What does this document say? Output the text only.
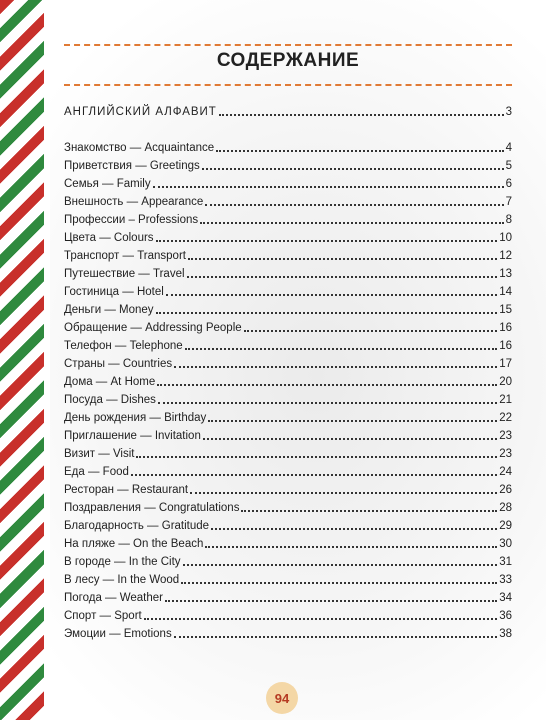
СОДЕРЖАНИЕ
АНГЛИЙСКИЙ АЛФАВИТ	3
Знакомство — Acquaintance	4
Приветствия — Greetings	5
Семья — Family	6
Внешность — Appearance	7
Профессии – Professions	8
Цвета — Colours	10
Транспорт — Transport	12
Путешествие — Travel	13
Гостиница — Hotel	14
Деньги — Money	15
Обращение — Addressing People	16
Телефон — Telephone	16
Страны — Countries	17
Дома — At Home	20
Посуда — Dishes	21
День рождения — Birthday	22
Приглашение — Invitation	23
Визит — Visit	23
Еда — Food	24
Ресторан — Restaurant	26
Поздравления — Congratulations	28
Благодарность — Gratitude	29
На пляже — On the Beach	30
В городе — In the City	31
В лесу — In the Wood	33
Погода — Weather	34
Спорт — Sport	36
Эмоции — Emotions	38
94
